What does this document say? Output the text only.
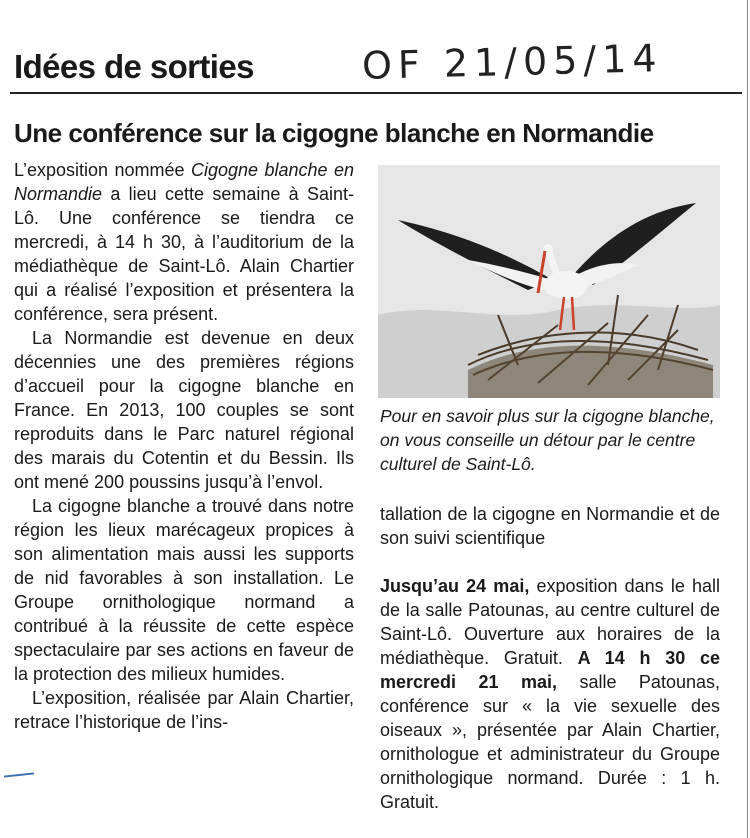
Idées de sorties	OF 21/05/14
Une conférence sur la cigogne blanche en Normandie

L’exposition nommée Cigogne blanche en Normandie a lieu cette semaine à Saint-Lô. Une conférence se tiendra ce mercredi, à 14 h 30, à l’auditorium de la médiathèque de Saint-Lô. Alain Chartier qui a réalisé l’exposition et présentera la conférence, sera présent.

La Normandie est devenue en deux décennies une des premières régions d’accueil pour la cigogne blanche en France. En 2013, 100 couples se sont reproduits dans le Parc naturel régional des marais du Cotentin et du Bessin. Ils ont mené 200 poussins jusqu’à l’envol.

La cigogne blanche a trouvé dans notre région les lieux marécageux propices à son alimentation mais aussi les supports de nid favorables à son installation. Le Groupe ornithologique normand a contribué à la réussite de cette espèce spectaculaire par ses actions en faveur de la protection des milieux humides.

L’exposition, réalisée par Alain Chartier, retrace l’historique de l’ins-

Pour en savoir plus sur la cigogne blanche, on vous conseille un détour par le centre culturel de Saint-Lô.

tallation de la cigogne en Normandie et de son suivi scientifique

Jusqu’au 24 mai, exposition dans le hall de la salle Patounas, au centre culturel de Saint-Lô. Ouverture aux horaires de la médiathèque. Gratuit. A 14 h 30 ce mercredi 21 mai, salle Patounas, conférence sur « la vie sexuelle des oiseaux », présentée par Alain Chartier, ornithologue et administrateur du Groupe ornithologique normand. Durée : 1 h. Gratuit.
